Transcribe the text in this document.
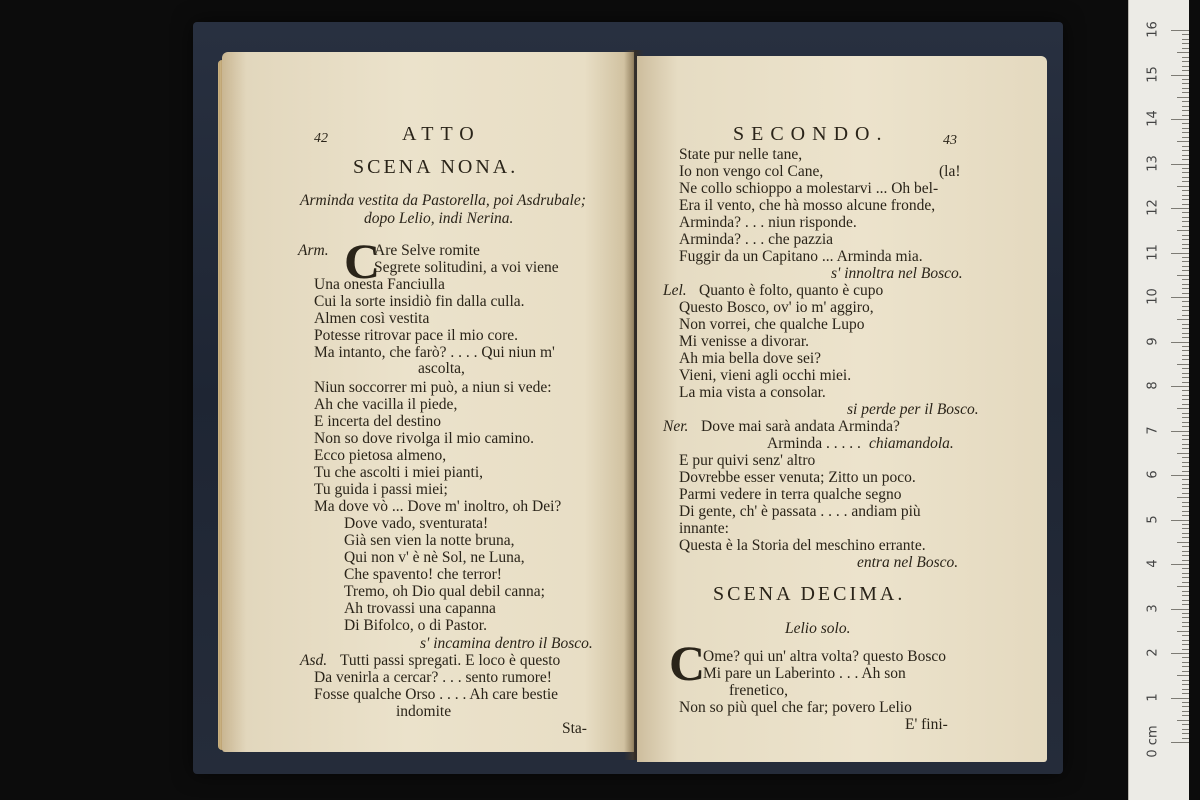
42	ATTO
SCENA NONA.
Arminda vestita da Pastorella, poi Asdrubale;
dopo Lelio, indi Nerina.
Arm. C
Are Selve romite
Segrete solitudini, a voi viene
Una onesta Fanciulla
Cui la sorte insidiò fin dalla culla.
Almen così vestita
Potesse ritrovar pace il mio core.
Ma intanto, che farò? . . . . Qui niun m'
ascolta,
Niun soccorrer mi può, a niun si vede:
Ah che vacilla il piede,
E incerta del destino
Non so dove rivolga il mio camino.
Ecco pietosa almeno,
Tu che ascolti i miei pianti,
Tu guida i passi miei;
Ma dove vò ... Dove m' inoltro, oh Dei?
Dove vado, sventurata!
Già sen vien la notte bruna,
Qui non v' è nè Sol, ne Luna,
Che spavento! che terror!
Tremo, oh Dio qual debil canna;
Ah trovassi una capanna
Di Bifolco, o di Pastor.
s' incamina dentro il Bosco.
Asd. Tutti passi spregati. E loco è questo
Da venirla a cercar? . . . sento rumore!
Fosse qualche Orso . . . . Ah care bestie
indomite
Sta-
SECONDO.	43
State pur nelle tane,
Io non vengo col Cane,	(la!
Ne collo schioppo a molestarvi ... Oh bel-
Era il vento, che hà mosso alcune fronde,
Arminda? . . . niun risponde.
Arminda? . . . che pazzia
Fuggir da un Capitano ... Arminda mia.
s' innoltra nel Bosco.
Lel. Quanto è folto, quanto è cupo
Questo Bosco, ov' io m' aggiro,
Non vorrei, che qualche Lupo
Mi venisse a divorar.
Ah mia bella dove sei?
Vieni, vieni agli occhi miei.
La mia vista a consolar.
si perde per il Bosco.
Ner. Dove mai sarà andata Arminda?
Arminda . . . . . chiamandola.
E pur quivi senz' altro
Dovrebbe esser venuta; Zitto un poco.
Parmi vedere in terra qualche segno
Di gente, ch' è passata . . . . andiam più
innante:
Questa è la Storia del meschino errante.
entra nel Bosco.
SCENA DECIMA.
Lelio solo.
C
Ome? qui un' altra volta? questo Bosco
Mi pare un Laberinto . . . Ah son
frenetico,
Non so più quel che far; povero Lelio
E' fini-
16
15
14
13
12
11
10
9
8
7
6
5
4
3
2
1
0 cm
